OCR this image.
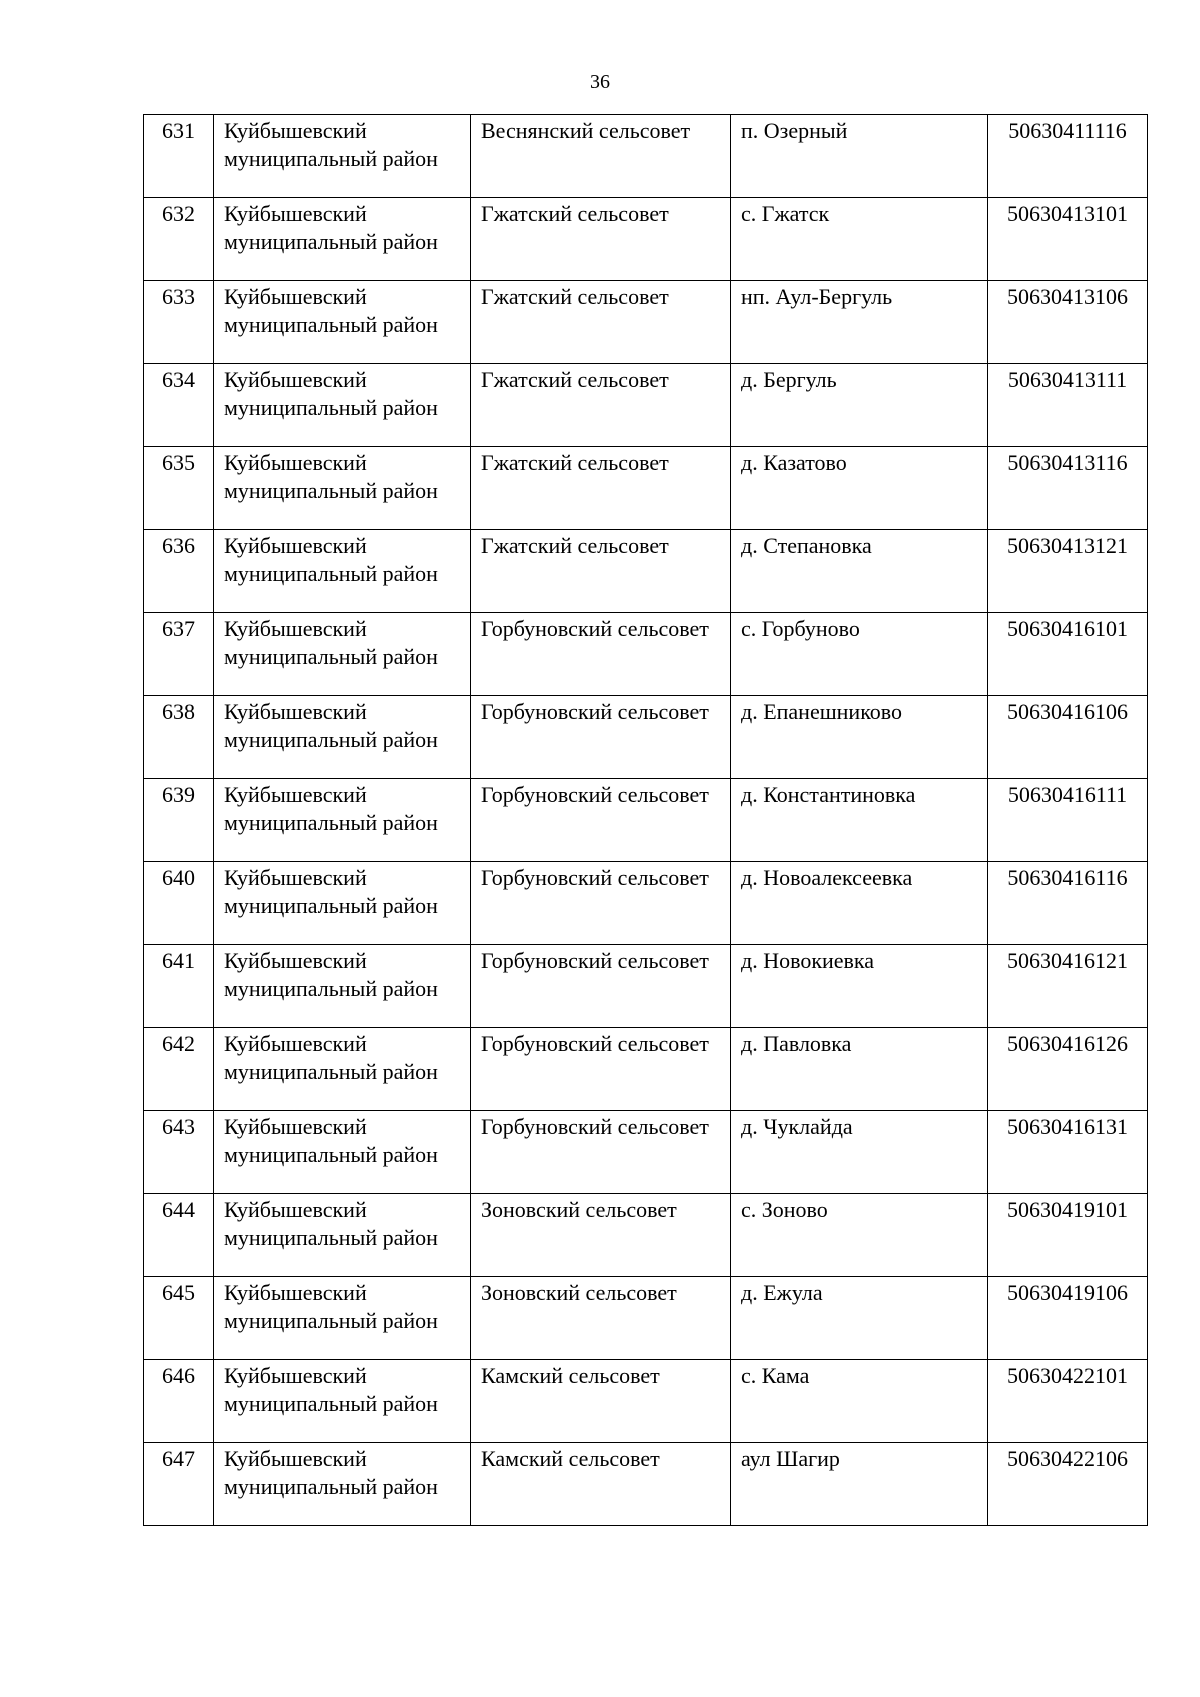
36
631	Куйбышевский муниципальный район	Веснянский сельсовет	п. Озерный	50630411116
632	Куйбышевский муниципальный район	Гжатский сельсовет	с. Гжатск	50630413101
633	Куйбышевский муниципальный район	Гжатский сельсовет	нп. Аул-Бергуль	50630413106
634	Куйбышевский муниципальный район	Гжатский сельсовет	д. Бергуль	50630413111
635	Куйбышевский муниципальный район	Гжатский сельсовет	д. Казатово	50630413116
636	Куйбышевский муниципальный район	Гжатский сельсовет	д. Степановка	50630413121
637	Куйбышевский муниципальный район	Горбуновский сельсовет	с. Горбуново	50630416101
638	Куйбышевский муниципальный район	Горбуновский сельсовет	д. Епанешниково	50630416106
639	Куйбышевский муниципальный район	Горбуновский сельсовет	д. Константиновка	50630416111
640	Куйбышевский муниципальный район	Горбуновский сельсовет	д. Новоалексеевка	50630416116
641	Куйбышевский муниципальный район	Горбуновский сельсовет	д. Новокиевка	50630416121
642	Куйбышевский муниципальный район	Горбуновский сельсовет	д. Павловка	50630416126
643	Куйбышевский муниципальный район	Горбуновский сельсовет	д. Чуклайда	50630416131
644	Куйбышевский муниципальный район	Зоновский сельсовет	с. Зоново	50630419101
645	Куйбышевский муниципальный район	Зоновский сельсовет	д. Ежула	50630419106
646	Куйбышевский муниципальный район	Камский сельсовет	с. Кама	50630422101
647	Куйбышевский муниципальный район	Камский сельсовет	аул Шагир	50630422106
